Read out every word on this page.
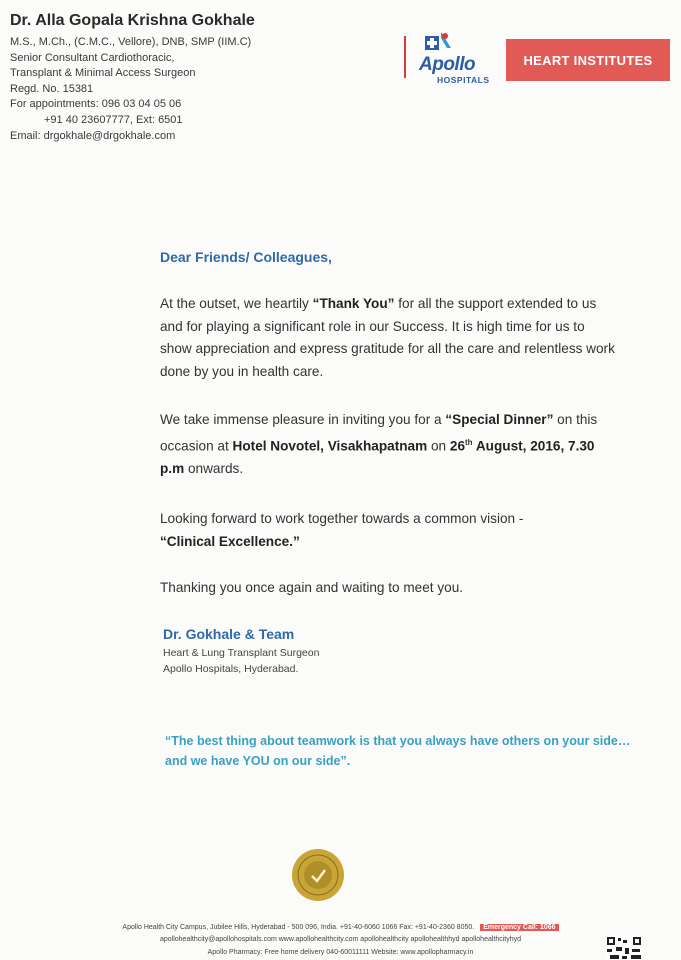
Dr. Alla Gopala Krishna Gokhale
M.S., M.Ch., (C.M.C., Vellore), DNB, SMP (IIM.C)
Senior Consultant Cardiothoracic,
Transplant & Minimal Access Surgeon
Regd. No. 15381
For appointments: 096 03 04 05 06
+91 40 23607777, Ext: 6501
Email: drgokhale@drgokhale.com
Apollo
HOSPITALS
HEART INSTITUTES
Dear Friends/ Colleagues,
At the outset, we heartily “Thank You” for all the support extended to us and for playing a significant role in our Success. It is high time for us to show appreciation and express gratitude for all the care and relentless work done by you in health care.
We take immense pleasure in inviting you for a “Special Dinner” on this occasion at Hotel Novotel, Visakhapatnam on 26th August, 2016, 7.30 p.m onwards.
Looking forward to work together towards a common vision -
“Clinical Excellence.”
Thanking you once again and waiting to meet you.
Dr. Gokhale & Team
Heart & Lung Transplant Surgeon
Apollo Hospitals, Hyderabad.
“The best thing about teamwork is that you always have others on your side…
and we have YOU on our side”.
Apollo Health City Campus, Jubilee Hills, Hyderabad - 500 096, India. +91-40-6060 1066 Fax: +91-40-2360 8050. Emergency Call: 1066
apollohealthcity@apollohospitals.com www.apollohealthcity.com apollohealthcity apollohealthhyd apollohealthcityhyd
Apollo Pharmacy: Free home delivery 040-60011111 Website: www.apollopharmacy.in
